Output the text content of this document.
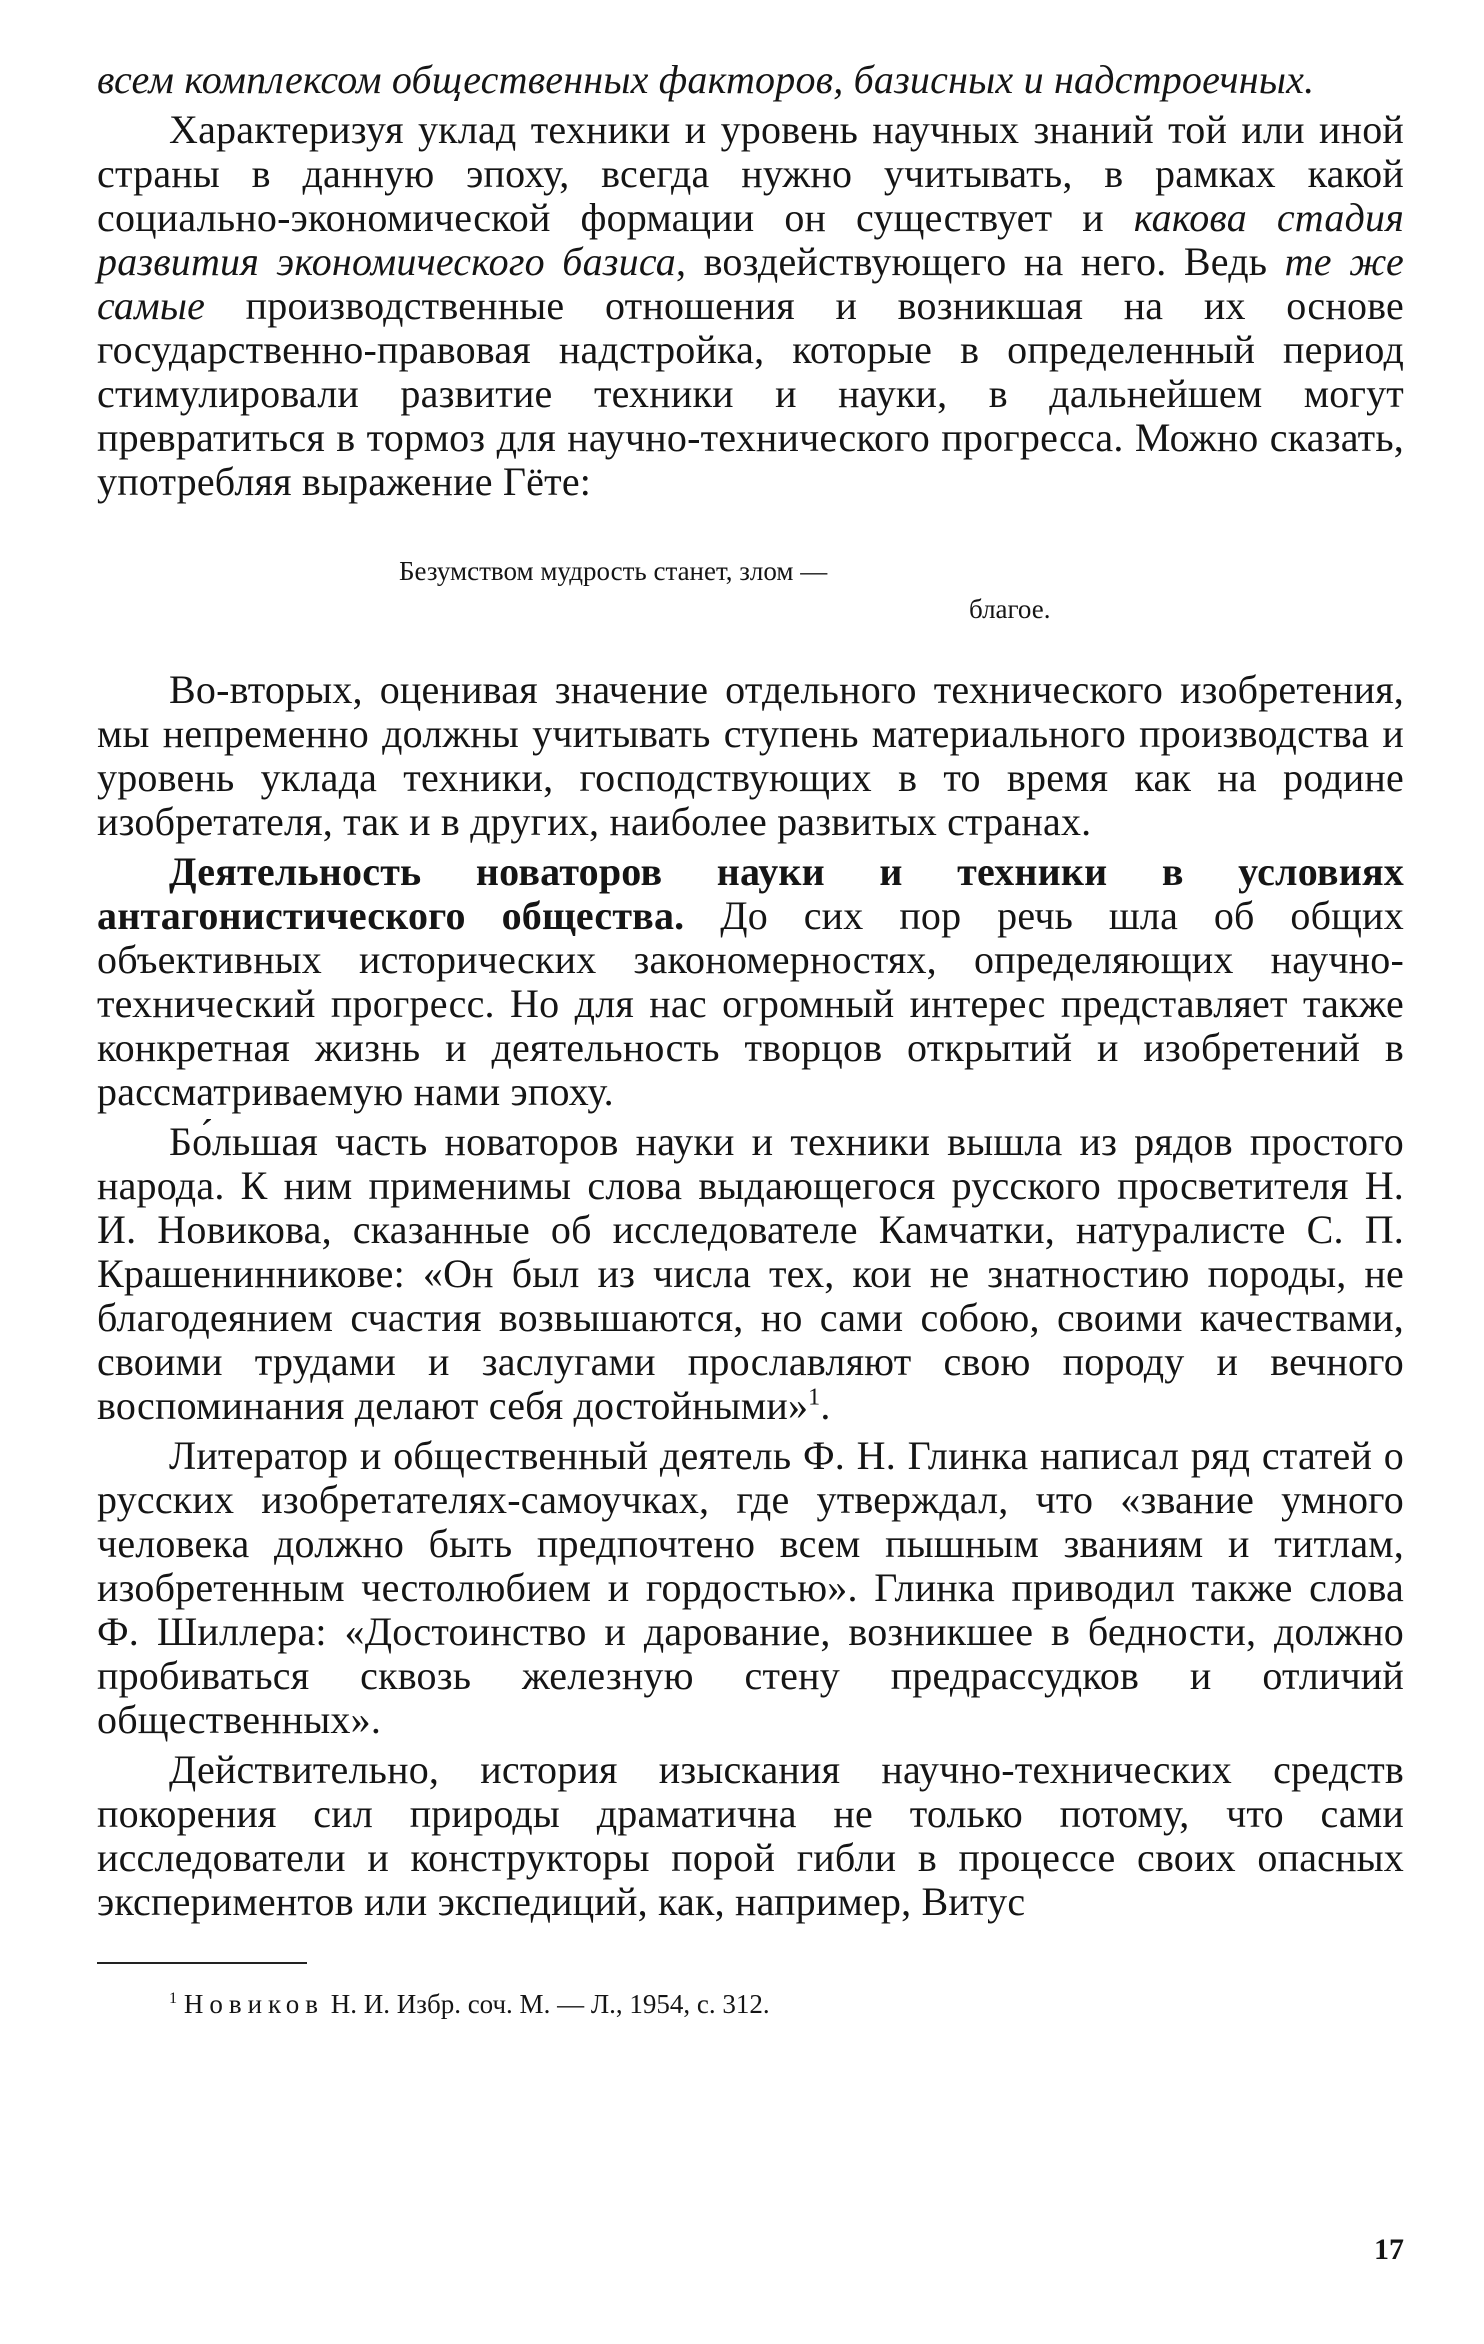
всем комплексом общественных факторов, базисных и надстроечных.

Характеризуя уклад техники и уровень научных знаний той или иной страны в данную эпоху, всегда нужно учитывать, в рамках какой социально-экономической формации он существует и какова стадия развития экономического базиса, воздействующего на него. Ведь те же самые производственные отношения и возникшая на их основе государственно-правовая надстройка, которые в определенный период стимулировали развитие техники и науки, в дальнейшем могут превратиться в тормоз для научно-технического прогресса. Можно сказать, употребляя выражение Гёте:

Безумством мудрость станет, злом —
благое.

Во-вторых, оценивая значение отдельного технического изобретения, мы непременно должны учитывать ступень материального производства и уровень уклада техники, господствующих в то время как на родине изобретателя, так и в других, наиболее развитых странах.

Деятельность новаторов науки и техники в условиях антагонистического общества. До сих пор речь шла об общих объективных исторических закономерностях, определяющих научно-технический прогресс. Но для нас огромный интерес представляет также конкретная жизнь и деятельность творцов открытий и изобретений в рассматриваемую нами эпоху.

Бо́льшая часть новаторов науки и техники вышла из рядов простого народа. К ним применимы слова выдающегося русского просветителя Н. И. Новикова, сказанные об исследователе Камчатки, натуралисте С. П. Крашенинникове: «Он был из числа тех, кои не знатностию породы, не благодеянием счастия возвышаются, но сами собою, своими качествами, своими трудами и заслугами прославляют свою породу и вечного воспоминания делают себя достойными»$^1$.

Литератор и общественный деятель Ф. Н. Глинка написал ряд статей о русских изобретателях-самоучках, где утверждал, что «звание умного человека должно быть предпочтено всем пышным званиям и титлам, изобретенным честолюбием и гордостью». Глинка приводил также слова Ф. Шиллера: «Достоинство и дарование, возникшее в бедности, должно пробиваться сквозь железную стену предрассудков и отличий общественных».

Действительно, история изыскания научно-технических средств покорения сил природы драматична не только потому, что сами исследователи и конструкторы порой гибли в процессе своих опасных экспериментов или экспедиций, как, например, Витус

$^1$ Новиков Н. И. Избр. соч. М. — Л., 1954, с. 312.

17
